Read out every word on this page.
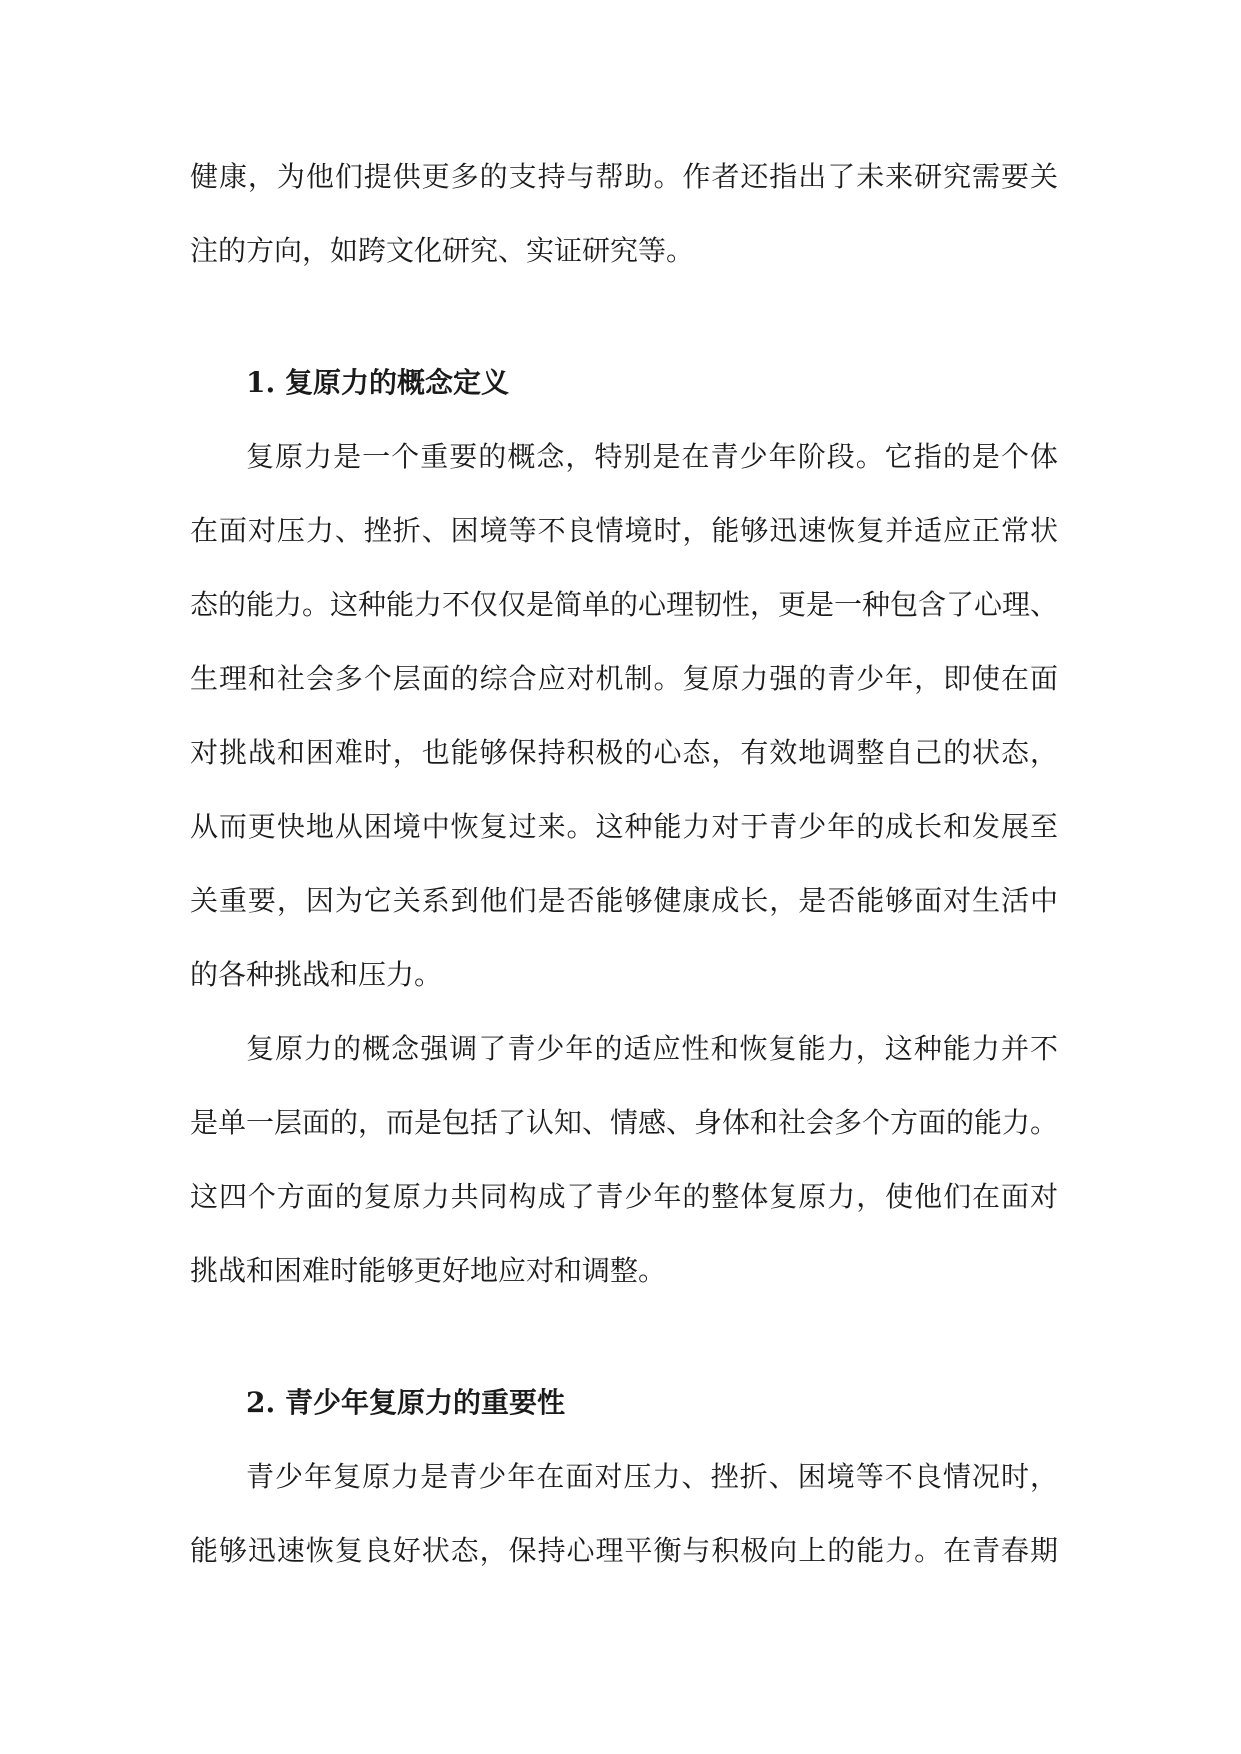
健康，为他们提供更多的支持与帮助。作者还指出了未来研究需要关
注的方向，如跨文化研究、实证研究等。
1. 复原力的概念定义
复原力是一个重要的概念，特别是在青少年阶段。它指的是个体
在面对压力、挫折、困境等不良情境时，能够迅速恢复并适应正常状
态的能力。这种能力不仅仅是简单的心理韧性，更是一种包含了心理、
生理和社会多个层面的综合应对机制。复原力强的青少年，即使在面
对挑战和困难时，也能够保持积极的心态，有效地调整自己的状态，
从而更快地从困境中恢复过来。这种能力对于青少年的成长和发展至
关重要，因为它关系到他们是否能够健康成长，是否能够面对生活中
的各种挑战和压力。
复原力的概念强调了青少年的适应性和恢复能力，这种能力并不
是单一层面的，而是包括了认知、情感、身体和社会多个方面的能力。
这四个方面的复原力共同构成了青少年的整体复原力，使他们在面对
挑战和困难时能够更好地应对和调整。
2. 青少年复原力的重要性
青少年复原力是青少年在面对压力、挫折、困境等不良情况时，
能够迅速恢复良好状态，保持心理平衡与积极向上的能力。在青春期
